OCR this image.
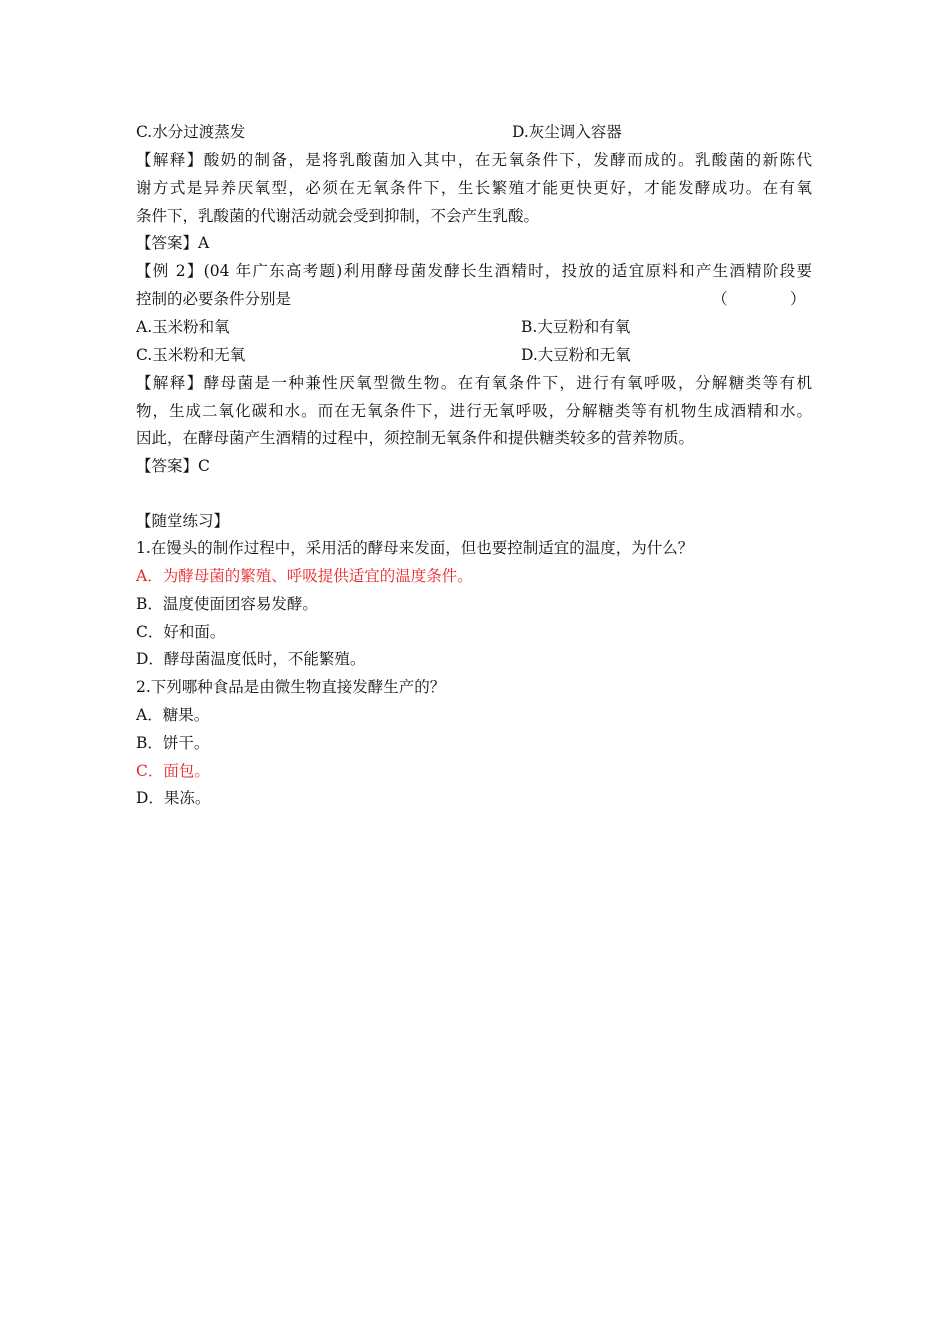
C.水分过渡蒸发	D.灰尘调入容器
【解释】酸奶的制备，是将乳酸菌加入其中，在无氧条件下，发酵而成的。乳酸菌的新陈代
谢方式是异养厌氧型，必须在无氧条件下，生长繁殖才能更快更好，才能发酵成功。在有氧
条件下，乳酸菌的代谢活动就会受到抑制，不会产生乳酸。
【答案】A
【例 2】(04 年广东高考题)利用酵母菌发酵长生酒精时，投放的适宜原料和产生酒精阶段要
控制的必要条件分别是	（	）
A.玉米粉和氧	B.大豆粉和有氧
C.玉米粉和无氧	D.大豆粉和无氧
【解释】酵母菌是一种兼性厌氧型微生物。在有氧条件下，进行有氧呼吸，分解糖类等有机
物，生成二氧化碳和水。而在无氧条件下，进行无氧呼吸，分解糖类等有机物生成酒精和水。
因此，在酵母菌产生酒精的过程中，须控制无氧条件和提供糖类较多的营养物质。
【答案】C
【随堂练习】
1.在馒头的制作过程中，采用活的酵母来发面，但也要控制适宜的温度，为什么？
A．为酵母菌的繁殖、呼吸提供适宜的温度条件。
B．温度使面团容易发酵。
C．好和面。
D．酵母菌温度低时，不能繁殖。
2.下列哪种食品是由微生物直接发酵生产的？
A．糖果。
B．饼干。
C．面包。
D．果冻。
